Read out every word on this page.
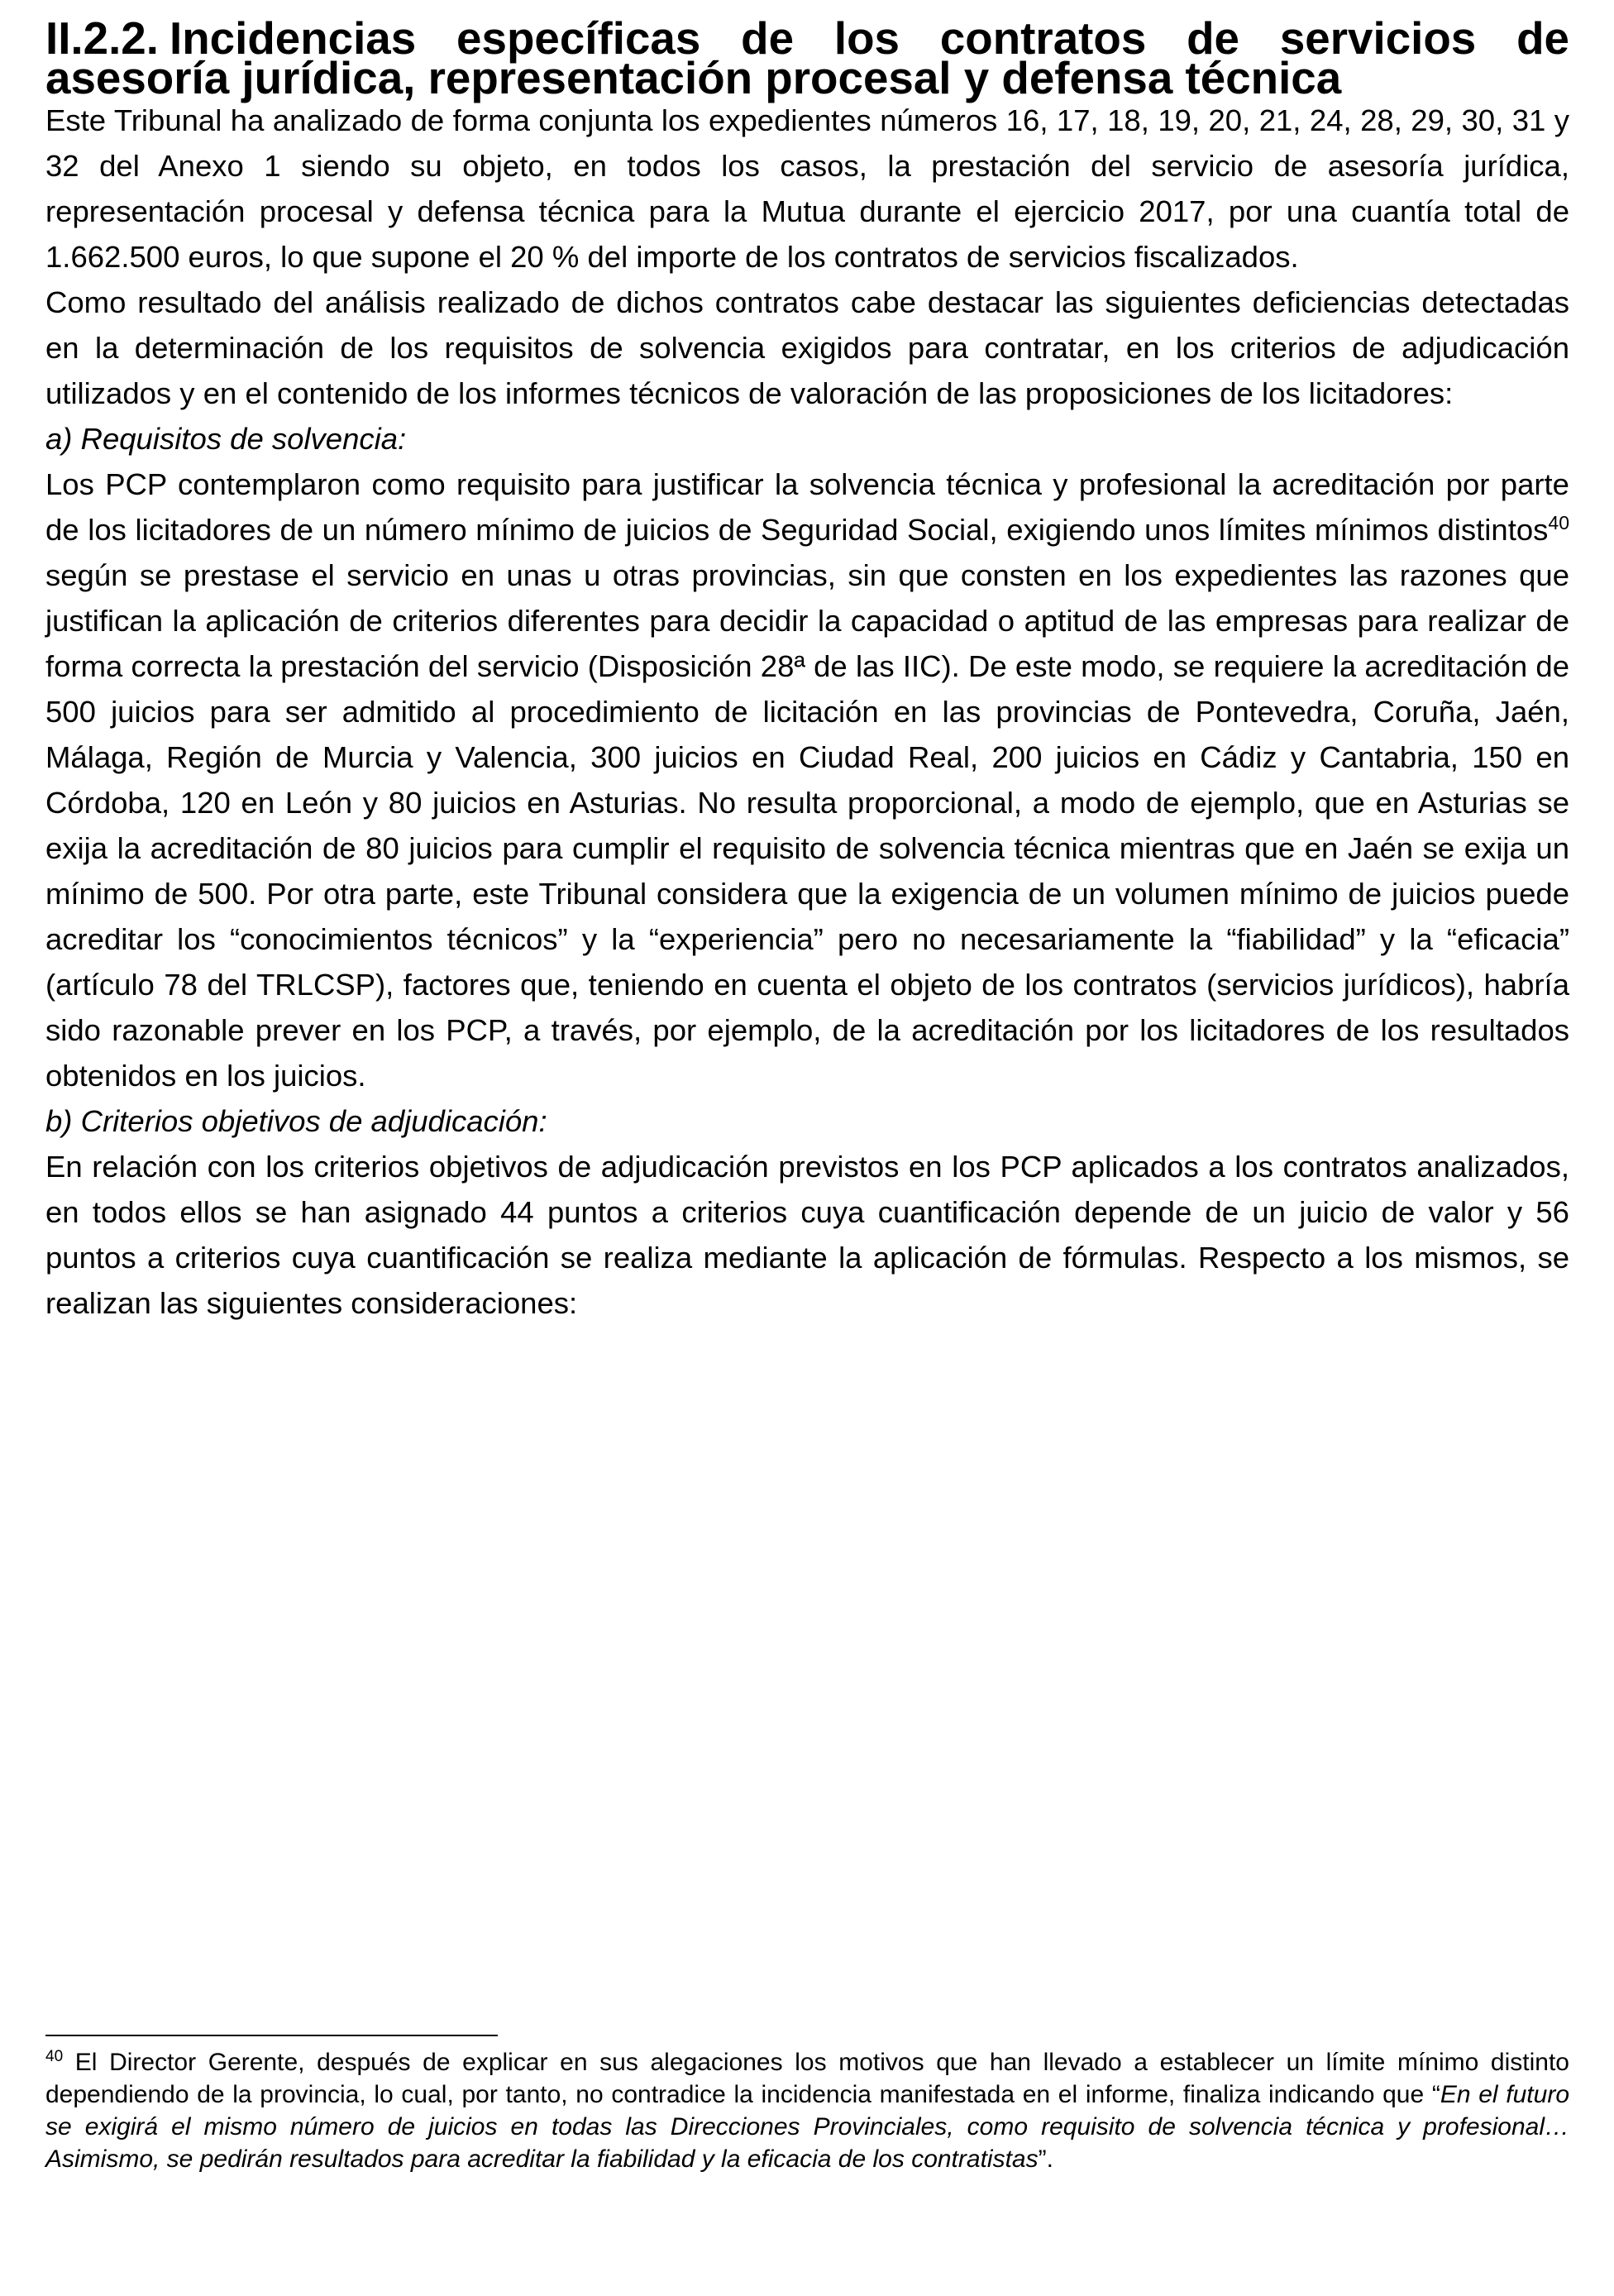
II.2.2. Incidencias específicas de los contratos de servicios de asesoría jurídica, representación procesal y defensa técnica

Este Tribunal ha analizado de forma conjunta los expedientes números 16, 17, 18, 19, 20, 21, 24, 28, 29, 30, 31 y 32 del Anexo 1 siendo su objeto, en todos los casos, la prestación del servicio de asesoría jurídica, representación procesal y defensa técnica para la Mutua durante el ejercicio 2017, por una cuantía total de 1.662.500 euros, lo que supone el 20 % del importe de los contratos de servicios fiscalizados.

Como resultado del análisis realizado de dichos contratos cabe destacar las siguientes deficiencias detectadas en la determinación de los requisitos de solvencia exigidos para contratar, en los criterios de adjudicación utilizados y en el contenido de los informes técnicos de valoración de las proposiciones de los licitadores:

a) Requisitos de solvencia:

Los PCP contemplaron como requisito para justificar la solvencia técnica y profesional la acreditación por parte de los licitadores de un número mínimo de juicios de Seguridad Social, exigiendo unos límites mínimos distintos$^{40}$ según se prestase el servicio en unas u otras provincias, sin que consten en los expedientes las razones que justifican la aplicación de criterios diferentes para decidir la capacidad o aptitud de las empresas para realizar de forma correcta la prestación del servicio (Disposición 28ª de las IIC). De este modo, se requiere la acreditación de 500 juicios para ser admitido al procedimiento de licitación en las provincias de Pontevedra, Coruña, Jaén, Málaga, Región de Murcia y Valencia, 300 juicios en Ciudad Real, 200 juicios en Cádiz y Cantabria, 150 en Córdoba, 120 en León y 80 juicios en Asturias. No resulta proporcional, a modo de ejemplo, que en Asturias se exija la acreditación de 80 juicios para cumplir el requisito de solvencia técnica mientras que en Jaén se exija un mínimo de 500. Por otra parte, este Tribunal considera que la exigencia de un volumen mínimo de juicios puede acreditar los “conocimientos técnicos” y la “experiencia” pero no necesariamente la “fiabilidad” y la “eficacia” (artículo 78 del TRLCSP), factores que, teniendo en cuenta el objeto de los contratos (servicios jurídicos), habría sido razonable prever en los PCP, a través, por ejemplo, de la acreditación por los licitadores de los resultados obtenidos en los juicios.

b) Criterios objetivos de adjudicación:

En relación con los criterios objetivos de adjudicación previstos en los PCP aplicados a los contratos analizados, en todos ellos se han asignado 44 puntos a criterios cuya cuantificación depende de un juicio de valor y 56 puntos a criterios cuya cuantificación se realiza mediante la aplicación de fórmulas. Respecto a los mismos, se realizan las siguientes consideraciones:

$^{40}$ El Director Gerente, después de explicar en sus alegaciones los motivos que han llevado a establecer un límite mínimo distinto dependiendo de la provincia, lo cual, por tanto, no contradice la incidencia manifestada en el informe, finaliza indicando que “En el futuro se exigirá el mismo número de juicios en todas las Direcciones Provinciales, como requisito de solvencia técnica y profesional… Asimismo, se pedirán resultados para acreditar la fiabilidad y la eficacia de los contratistas”.
